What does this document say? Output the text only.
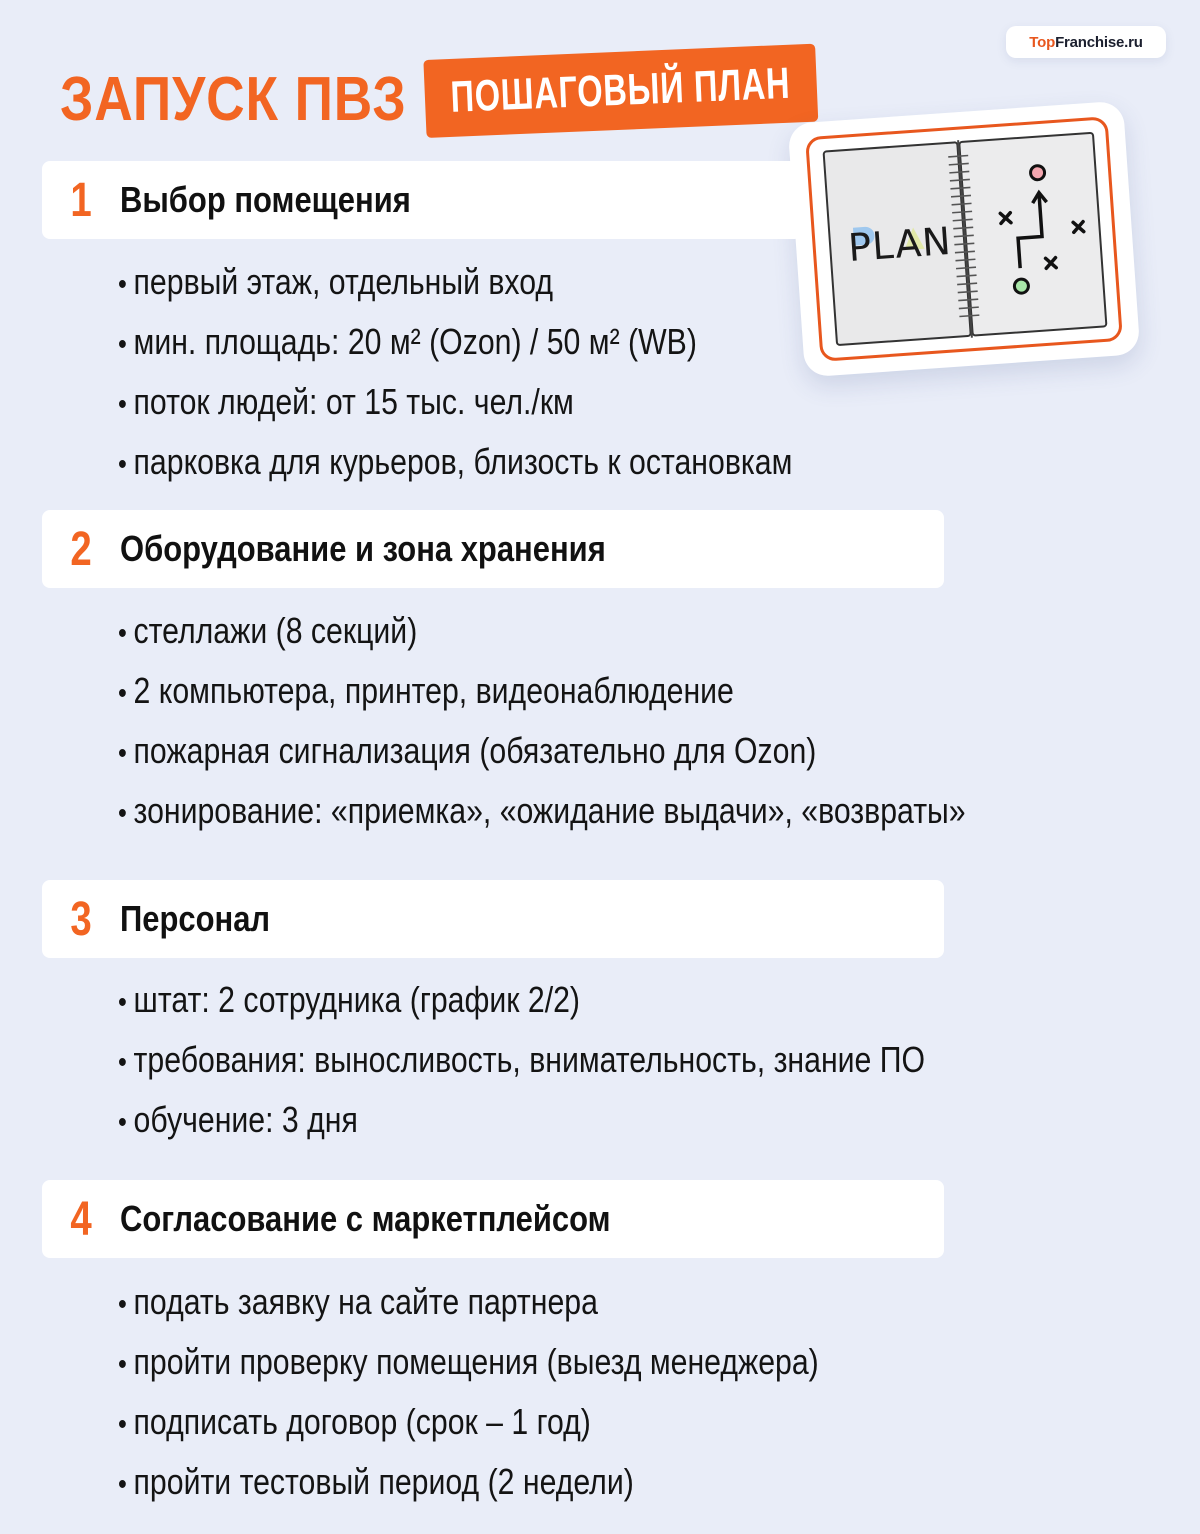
Top Franchise.ru
ЗАПУСК ПВЗ ПОШАГОВЫЙ ПЛАН
PLAN
1 Выбор помещения
• первый этаж, отдельный вход
• мин. площадь: 20 м² (Ozon) / 50 м² (WB)
• поток людей: от 15 тыс. чел./км
• парковка для курьеров, близость к остановкам
2 Оборудование и зона хранения
• стеллажи (8 секций)
• 2 компьютера, принтер, видеонаблюдение
• пожарная сигнализация (обязательно для Ozon)
• зонирование: «приемка», «ожидание выдачи», «возвраты»
3 Персонал
• штат: 2 сотрудника (график 2/2)
• требования: выносливость, внимательность, знание ПО
• обучение: 3 дня
4 Согласование с маркетплейсом
• подать заявку на сайте партнера
• пройти проверку помещения (выезд менеджера)
• подписать договор (срок – 1 год)
• пройти тестовый период (2 недели)
